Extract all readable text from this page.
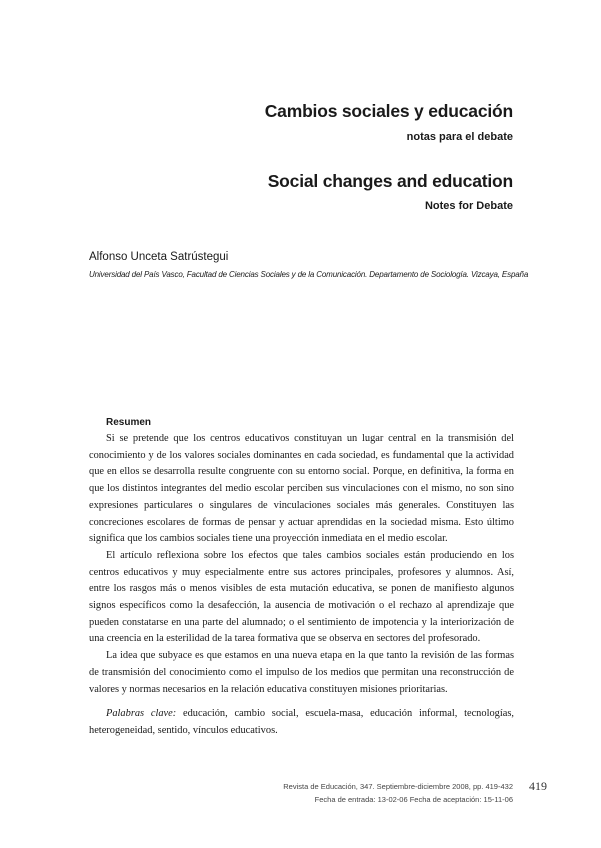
Cambios sociales y educación
notas para el debate
Social changes and education
Notes for Debate
Alfonso Unceta Satrústegui
Universidad del País Vasco, Facultad de Ciencias Sociales y de la Comunicación. Departamento de Sociología. Vizcaya, España
Resumen

Si se pretende que los centros educativos constituyan un lugar central en la transmisión del conocimiento y de los valores sociales dominantes en cada sociedad, es fundamental que la actividad que en ellos se desarrolla resulte congruente con su entorno social. Porque, en definitiva, la forma en que los distintos integrantes del medio escolar perciben sus vinculaciones con el mismo, no son sino expresiones particulares o singulares de vinculaciones sociales más generales. Constituyen las concreciones escolares de formas de pensar y actuar aprendidas en la sociedad misma. Esto último significa que los cambios sociales tiene una proyección inmediata en el medio escolar.

El artículo reflexiona sobre los efectos que tales cambios sociales están produciendo en los centros educativos y muy especialmente entre sus actores principales, profesores y alumnos. Así, entre los rasgos más o menos visibles de esta mutación educativa, se ponen de manifiesto algunos signos específicos como la desafección, la ausencia de motivación o el rechazo al aprendizaje que pueden constatarse en una parte del alumnado; o el sentimiento de impotencia y la interiorización de una creencia en la esterilidad de la tarea formativa que se observa en sectores del profesorado.

La idea que subyace es que estamos en una nueva etapa en la que tanto la revisión de las formas de transmisión del conocimiento como el impulso de los medios que permitan una reconstrucción de valores y normas necesarios en la relación educativa constituyen misiones prioritarias.

Palabras clave: educación, cambio social, escuela-masa, educación informal, tecnologías, heterogeneidad, sentido, vínculos educativos.

Revista de Educación, 347. Septiembre-diciembre 2008, pp. 419-432
Fecha de entrada: 13-02-06 Fecha de aceptación: 15-11-06
419
